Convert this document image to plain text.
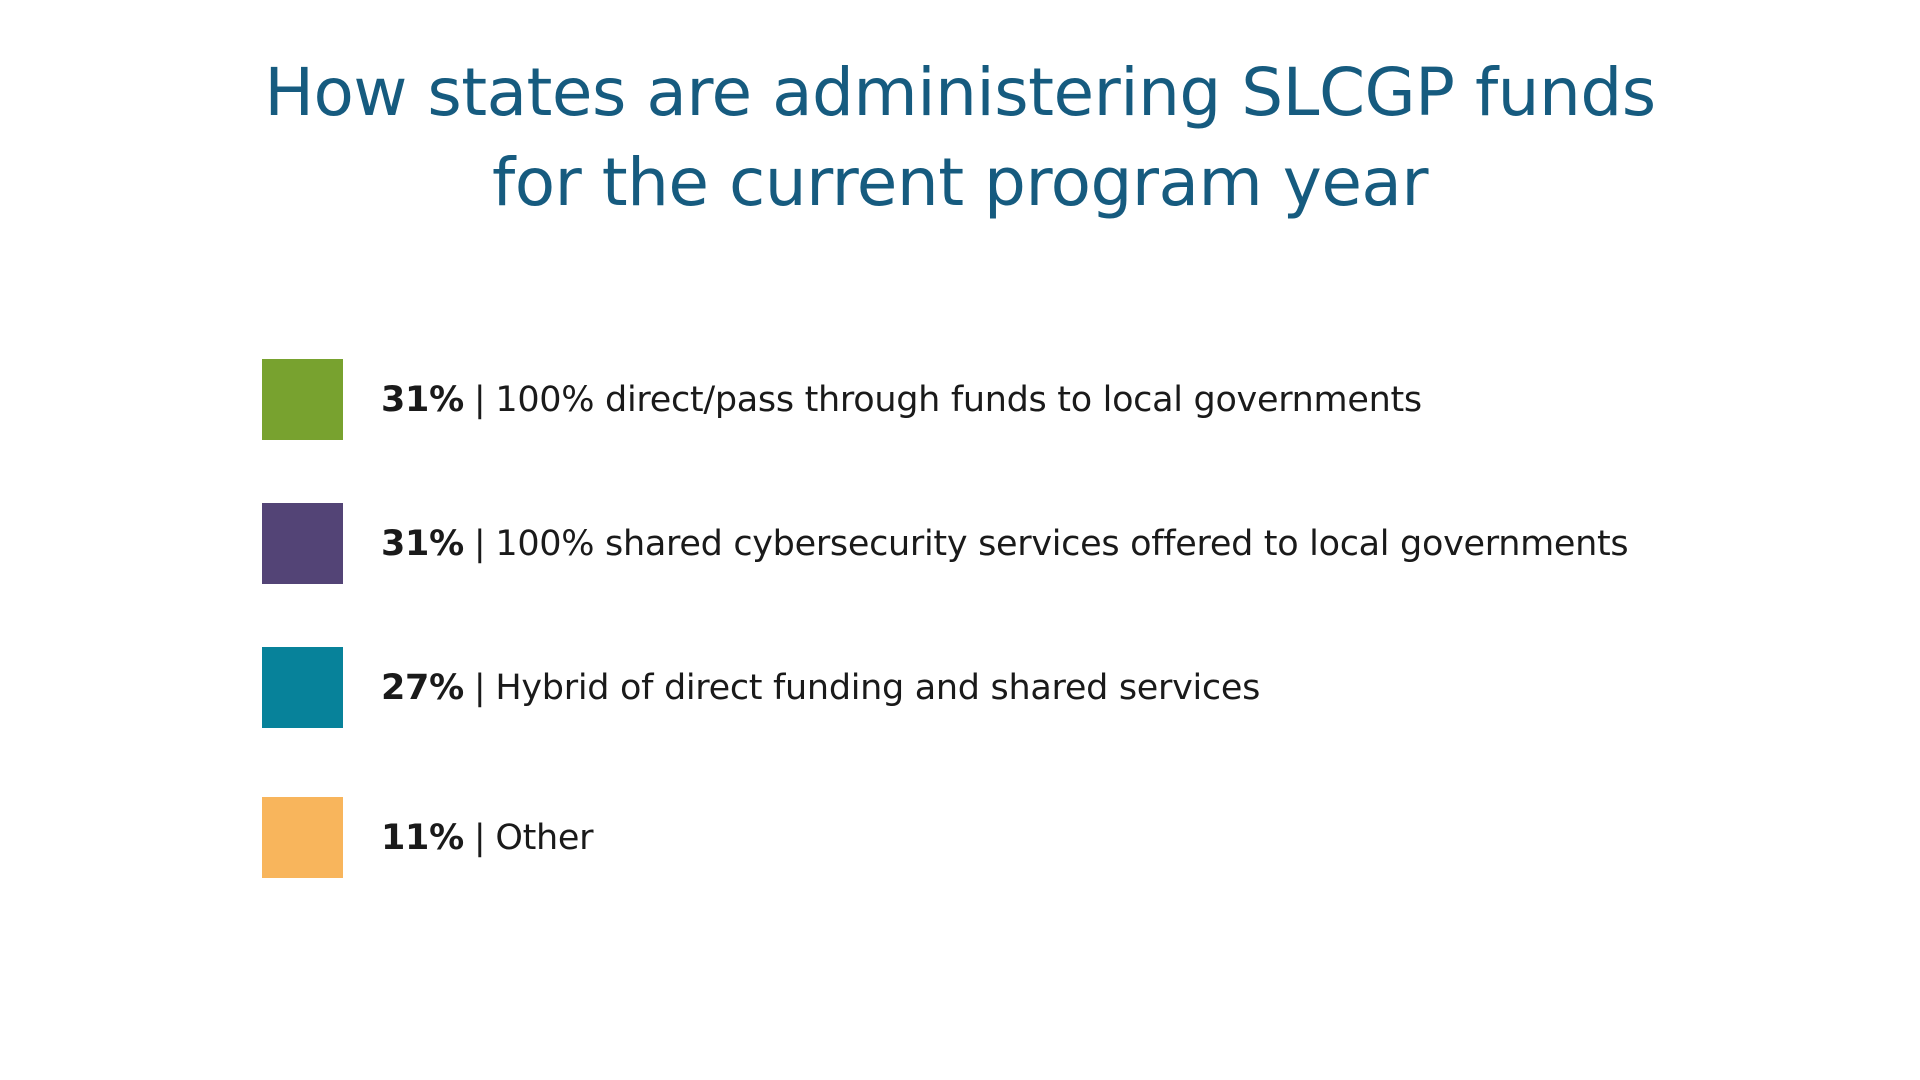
How states are administering SLCGP funds
for the current program year
31% | 100% direct/pass through funds to local governments
31% | 100% shared cybersecurity services offered to local governments
27% | Hybrid of direct funding and shared services
11% | Other
